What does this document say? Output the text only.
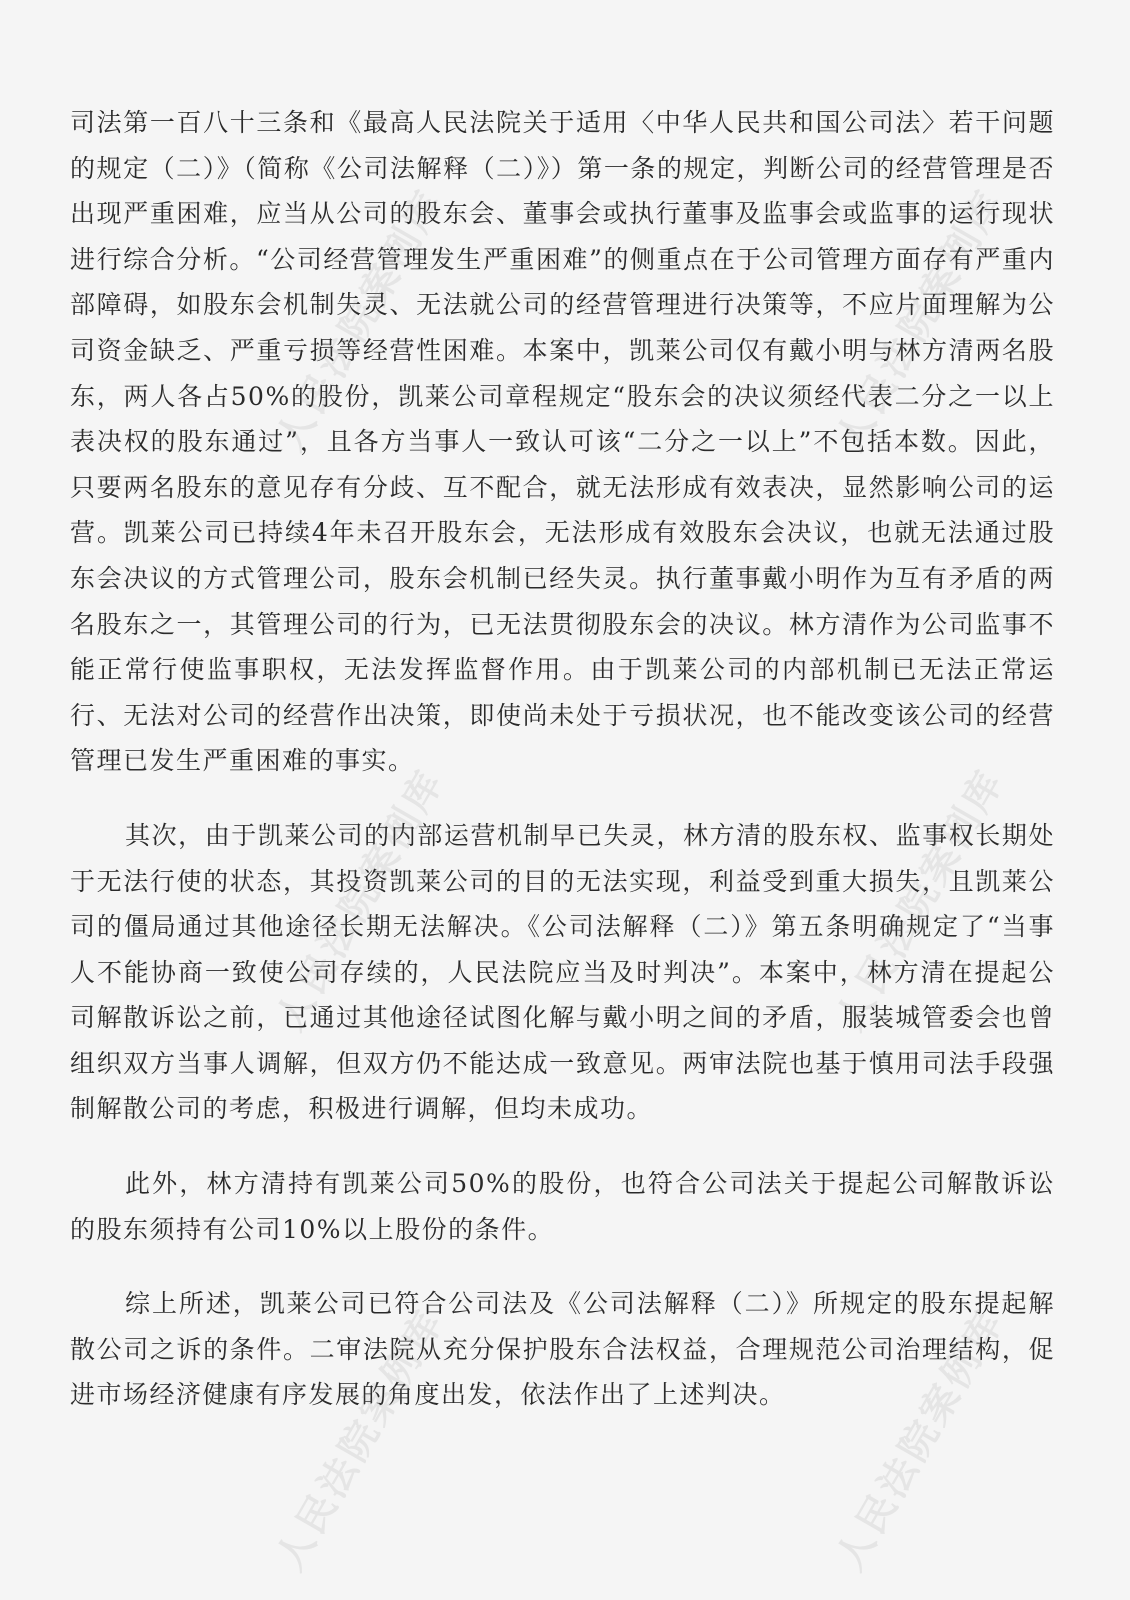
司法第一百八十三条和《最高人民法院关于适用〈中华人民共和国公司法〉若干问题的规定（二）》（简称《公司法解释（二）》）第一条的规定，判断公司的经营管理是否出现严重困难，应当从公司的股东会、董事会或执行董事及监事会或监事的运行现状进行综合分析。“公司经营管理发生严重困难”的侧重点在于公司管理方面存有严重内部障碍，如股东会机制失灵、无法就公司的经营管理进行决策等，不应片面理解为公司资金缺乏、严重亏损等经营性困难。本案中，凯莱公司仅有戴小明与林方清两名股东，两人各占50%的股份，凯莱公司章程规定“股东会的决议须经代表二分之一以上表决权的股东通过”，且各方当事人一致认可该“二分之一以上”不包括本数。因此，只要两名股东的意见存有分歧、互不配合，就无法形成有效表决，显然影响公司的运营。凯莱公司已持续4年未召开股东会，无法形成有效股东会决议，也就无法通过股东会决议的方式管理公司，股东会机制已经失灵。执行董事戴小明作为互有矛盾的两名股东之一，其管理公司的行为，已无法贯彻股东会的决议。林方清作为公司监事不能正常行使监事职权，无法发挥监督作用。由于凯莱公司的内部机制已无法正常运行、无法对公司的经营作出决策，即使尚未处于亏损状况，也不能改变该公司的经营管理已发生严重困难的事实。

其次，由于凯莱公司的内部运营机制早已失灵，林方清的股东权、监事权长期处于无法行使的状态，其投资凯莱公司的目的无法实现，利益受到重大损失，且凯莱公司的僵局通过其他途径长期无法解决。《公司法解释（二）》第五条明确规定了“当事人不能协商一致使公司存续的，人民法院应当及时判决”。本案中，林方清在提起公司解散诉讼之前，已通过其他途径试图化解与戴小明之间的矛盾，服装城管委会也曾组织双方当事人调解，但双方仍不能达成一致意见。两审法院也基于慎用司法手段强制解散公司的考虑，积极进行调解，但均未成功。

此外，林方清持有凯莱公司50%的股份，也符合公司法关于提起公司解散诉讼的股东须持有公司10%以上股份的条件。

综上所述，凯莱公司已符合公司法及《公司法解释（二）》所规定的股东提起解散公司之诉的条件。二审法院从充分保护股东合法权益，合理规范公司治理结构，促进市场经济健康有序发展的角度出发，依法作出了上述判决。

人民法院案例库	人民法院案例库
人民法院案例库	人民法院案例库
人民法院案例库	人民法院案例库
